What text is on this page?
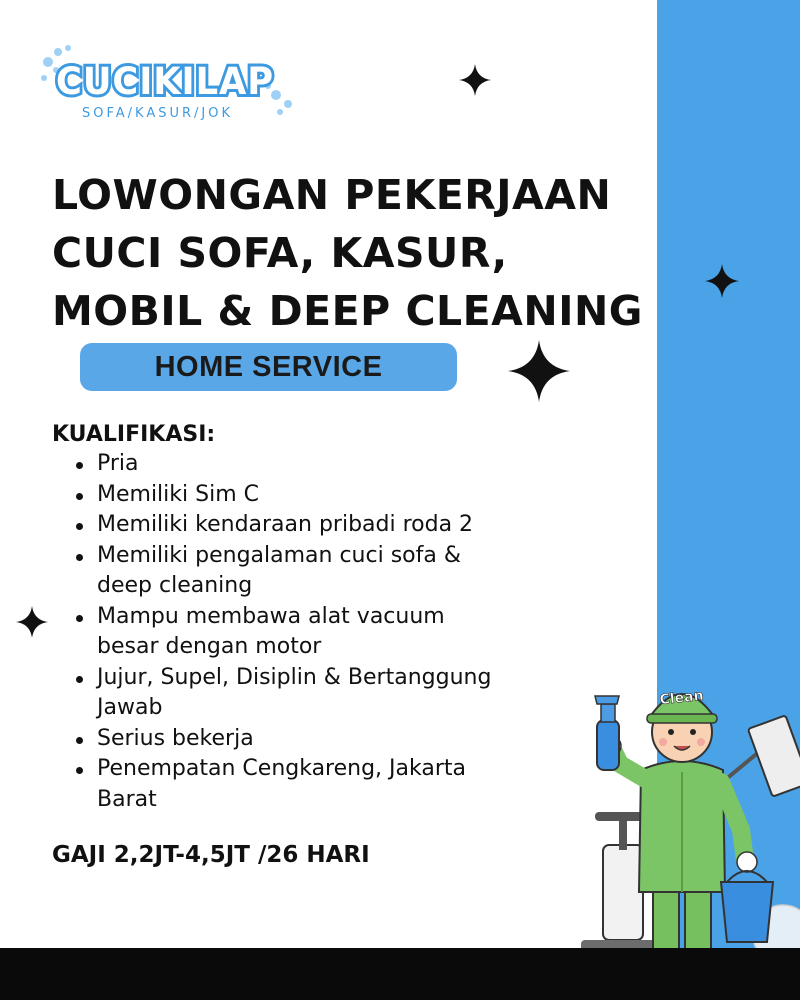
CUCIKILAP
SOFA/KASUR/JOK
LOWONGAN PEKERJAAN
CUCI SOFA, KASUR,
MOBIL & DEEP CLEANING
HOME SERVICE
KUALIFIKASI:
Pria
Memiliki Sim C
Memiliki kendaraan pribadi roda 2
Memiliki pengalaman cuci sofa &
deep cleaning
Mampu membawa alat vacuum
besar dengan motor
Jujur, Supel, Disiplin & Bertanggung
Jawab
Serius bekerja
Penempatan Cengkareng, Jakarta
Barat

GAJI 2,2JT-4,5JT /26 HARI

Clean
